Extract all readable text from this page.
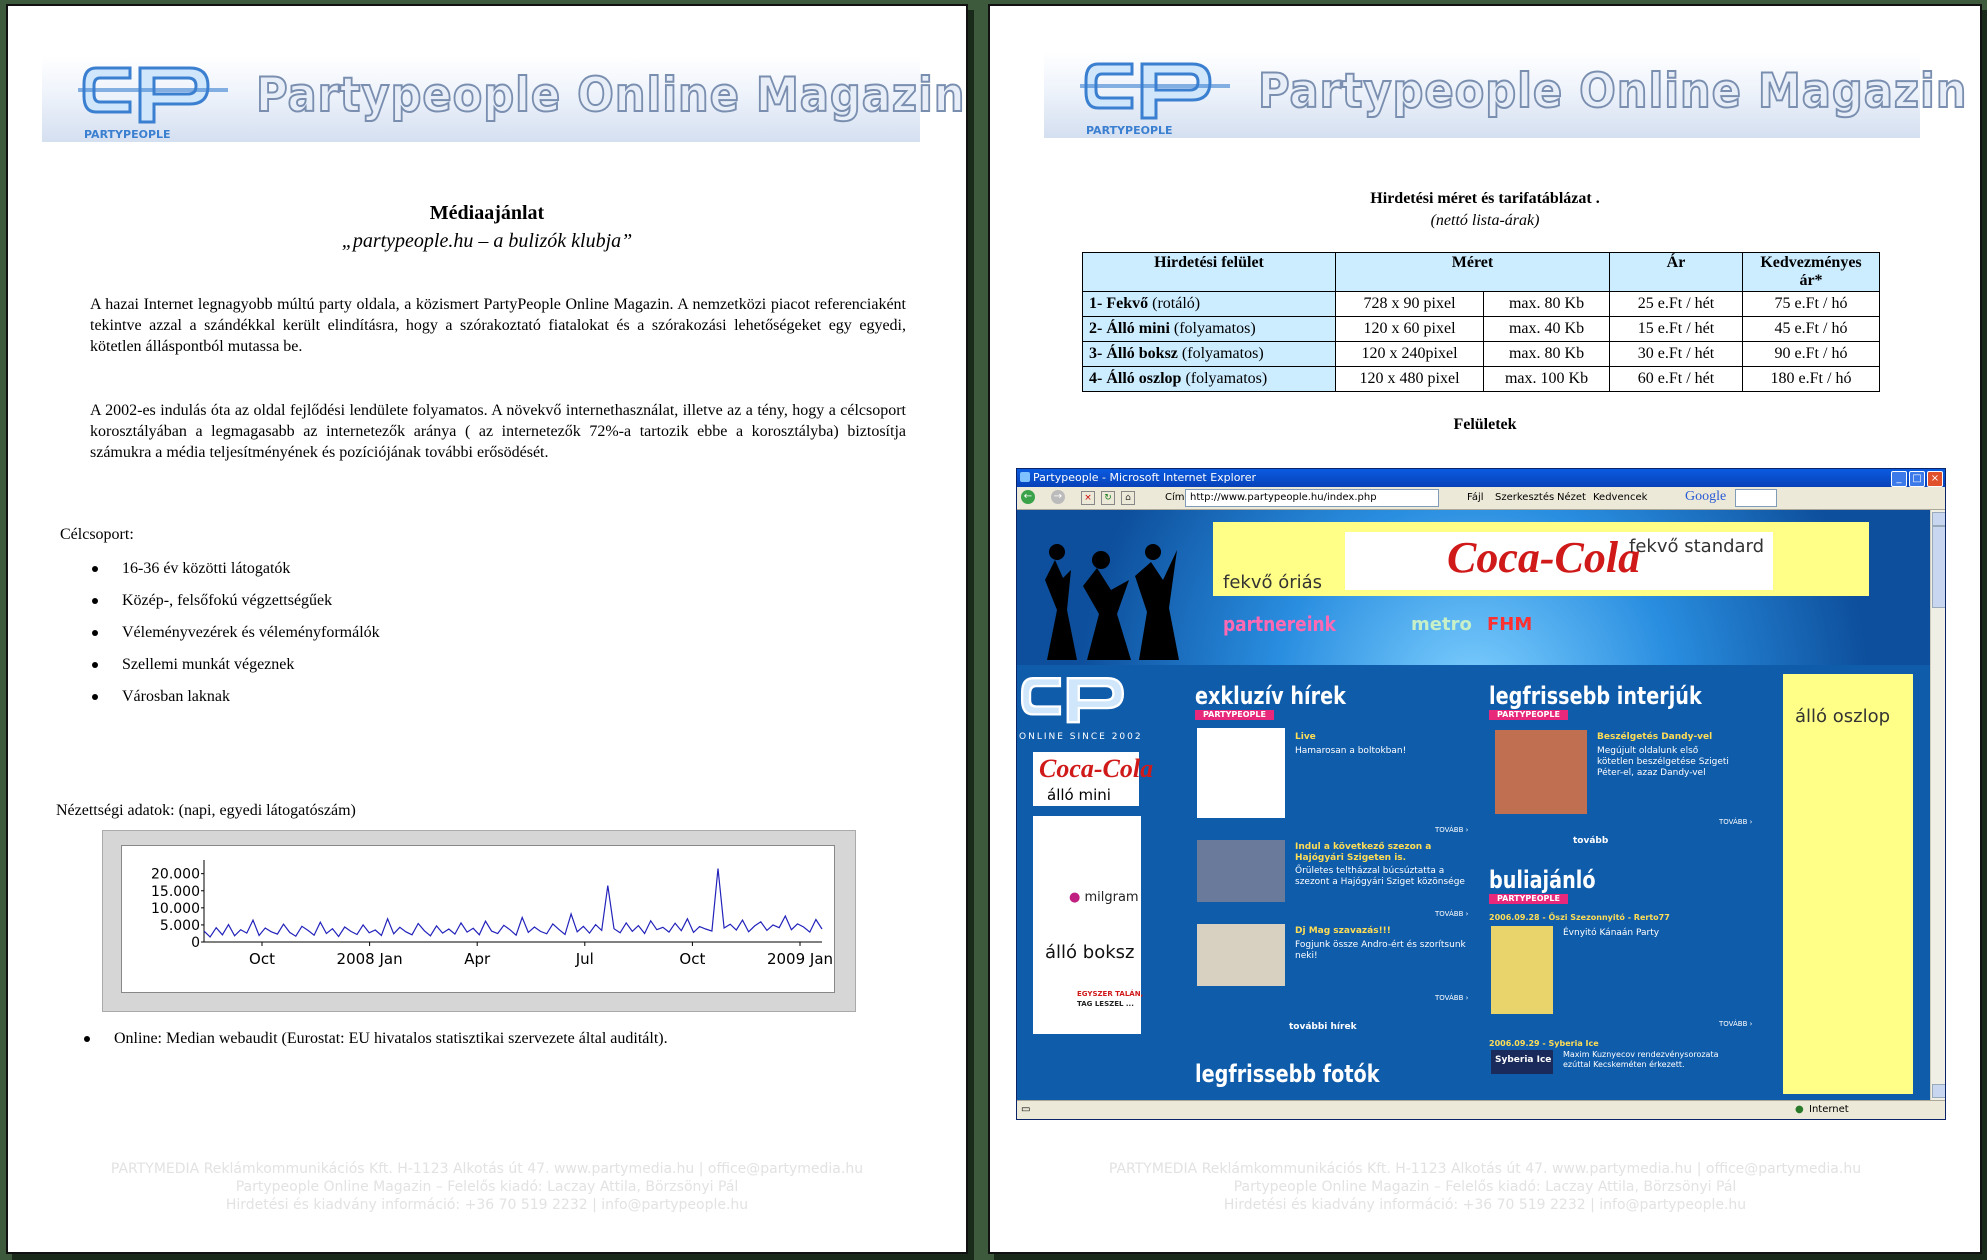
PARTYPEOPLE
Partypeople Online Magazin
Médiaajánlat
„partypeople.hu – a bulizók klubja”
A hazai Internet legnagyobb múltú party oldala, a közismert PartyPeople Online Magazin. A nemzetközi piacot referenciaként tekintve azzal a szándékkal került elindításra, hogy a szórakoztató fiatalokat és a szórakozási lehetőségeket egy egyedi, kötetlen álláspontból mutassa be.
A 2002-es indulás óta az oldal fejlődési lendülete folyamatos. A növekvő internethasználat, illetve az a tény, hogy a célcsoport korosztályában a legmagasabb az internetezők aránya ( az internetezők 72%-a tartozik ebbe a korosztályba) biztosítja számukra a média teljesítményének és pozíciójának további erősödését.
Célcsoport:
16-36 év közötti látogatók
Közép-, felsőfokú végzettségűek
Véleményvezérek és véleményformálók
Szellemi munkát végeznek
Városban laknak
Nézettségi adatok: (napi, egyedi látogatószám)
20.000
15.000
10.000
5.000
0
Oct	2008 Jan	Apr	Jul	Oct	2009 Jan
Online: Median webaudit (Eurostat: EU hivatalos statisztikai szervezete által auditált).
PARTYMEDIA Reklámkommunikációs Kft. H-1123 Alkotás út 47. www.partymedia.hu | office@partymedia.hu
Partypeople Online Magazin – Felelős kiadó: Laczay Attila, Börzsönyi Pál
Hirdetési és kiadvány információ: +36 70 519 2232 | info@partypeople.hu
PARTYPEOPLE
Partypeople Online Magazin
Hirdetési méret és tarifatáblázat .
(nettó lista-árak)
Hirdetési felület	Méret		Ár	Kedvezményes ár*
1- Fekvő (rotáló)	728 x 90 pixel	max. 80 Kb	25 e.Ft / hét	75 e.Ft / hó
2- Álló mini (folyamatos)	120 x 60 pixel	max. 40 Kb	15 e.Ft / hét	45 e.Ft / hó
3- Álló boksz (folyamatos)	120 x 240pixel	max. 80 Kb	30 e.Ft / hét	90 e.Ft / hó
4- Álló oszlop (folyamatos)	120 x 480 pixel	max. 100 Kb	60 e.Ft / hét	180 e.Ft / hó
Felületek
Partypeople - Microsoft Internet Explorer	_	□ ×
← →	×	↻	⌂	Cím http://www.partypeople.hu/index.php	Fájl Szerkesztés Nézet Kedvencek	Google
fekvő óriás
Coca-Cola
fekvő standard
partnereink	metro FHM
ONLINE SINCE 2002
Coca-Cola
álló mini
● milgram
álló boksz
EGYSZER TALÁN,
TAG LESZEL ...
exkluzív hírek
PARTYPEOPLE
Live
Hamarosan a boltokban!
TOVÁBB ›
Indul a következő szezon a Hajógyári Szigeten is.
Őrületes teltházzal búcsúztatta a szezont a Hajógyári Sziget közönsége
TOVÁBB ›
Dj Mag szavazás!!!
Fogjunk össze Andro-ért és szorítsunk neki!
TOVÁBB ›
további hírek
legfrissebb fotók
legfrissebb interjúk
PARTYPEOPLE
Beszélgetés Dandy-vel
Megújult oldalunk első kötetlen beszélgetése Szigeti Péter-el, azaz Dandy-vel
TOVÁBB ›
tovább
buliajánló
PARTYPEOPLE
2006.09.28 - Őszi Szezonnyitó - Rerto77
Évnyitó Kánaán Party
TOVÁBB ›
2006.09.29 - Syberia Ice
Syberia Ice
Maxim Kuznyecov rendezvénysorozata ezúttal Kecskeméten érkezett.
álló oszlop
▭	● Internet
PARTYMEDIA Reklámkommunikációs Kft. H-1123 Alkotás út 47. www.partymedia.hu | office@partymedia.hu
Partypeople Online Magazin – Felelős kiadó: Laczay Attila, Börzsönyi Pál
Hirdetési és kiadvány információ: +36 70 519 2232 | info@partypeople.hu
